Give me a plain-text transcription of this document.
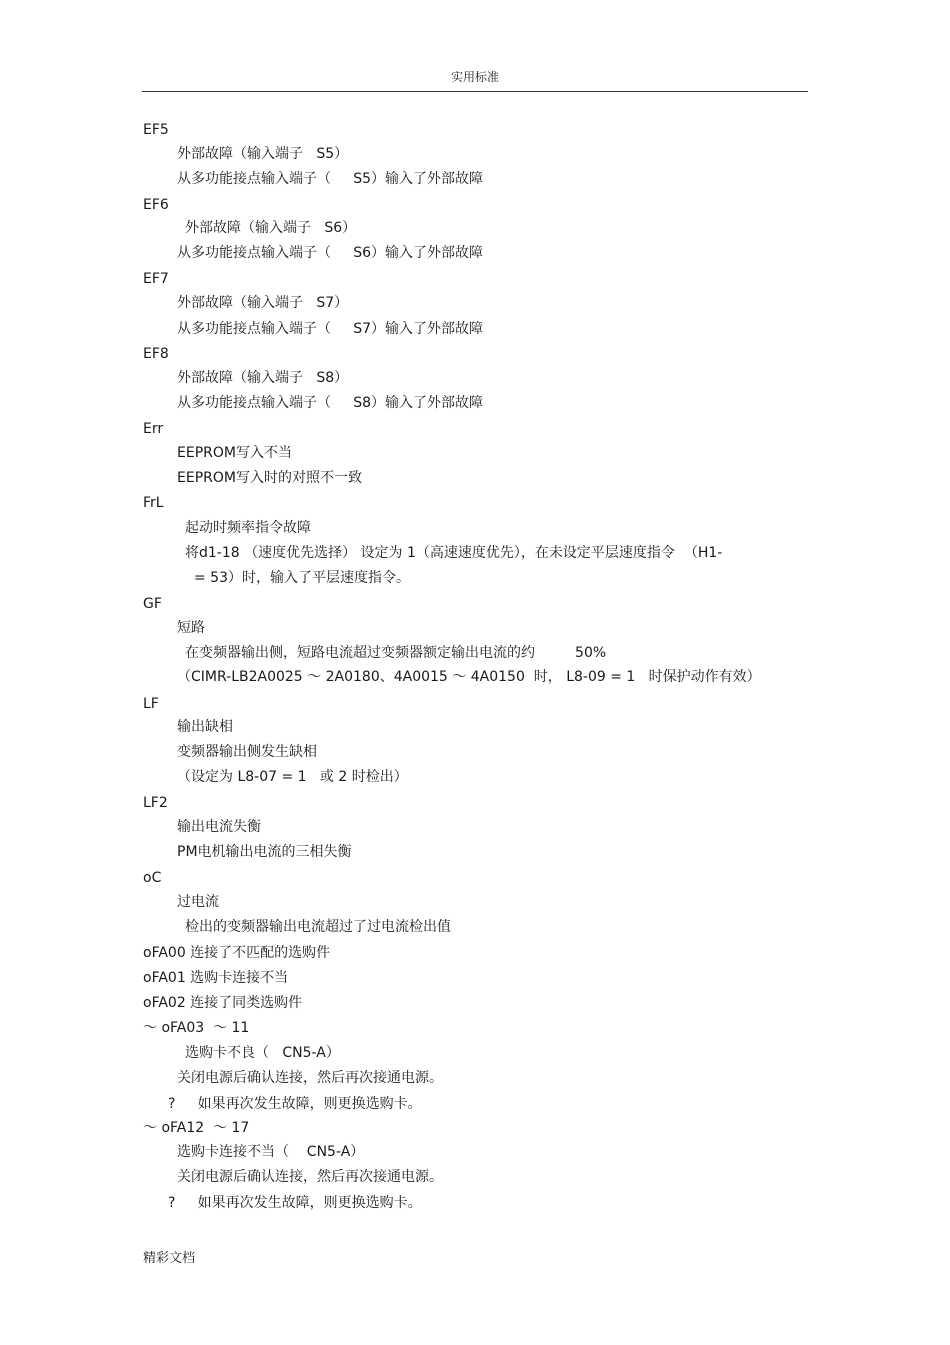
实用标准
EF5
外部故障（输入端子   S5）
从多功能接点输入端子（     S5）输入了外部故障
EF6
外部故障（输入端子   S6）
从多功能接点输入端子（     S6）输入了外部故障
EF7
外部故障（输入端子   S7）
从多功能接点输入端子（     S7）输入了外部故障
EF8
外部故障（输入端子   S8）
从多功能接点输入端子（     S8）输入了外部故障
Err
EEPROM写入不当
EEPROM写入时的对照不一致
FrL
起动时频率指令故障
将d1-18 （速度优先选择） 设定为 1（高速速度优先），在未设定平层速度指令  （H1-
= 53）时，输入了平层速度指令。
GF
短路
在变频器输出侧，短路电流超过变频器额定输出电流的约         50%
（CIMR-LB2A0025 ～ 2A0180、4A0015 ～ 4A0150  时， L8-09 = 1   时保护动作有效）
LF
输出缺相
变频器输出侧发生缺相
（设定为 L8-07 = 1   或 2 时检出）
LF2
输出电流失衡
PM电机输出电流的三相失衡
oC
过电流
检出的变频器输出电流超过了过电流检出值
oFA00 连接了不匹配的选购件
oFA01 选购卡连接不当
oFA02 连接了同类选购件
～ oFA03  ～ 11
选购卡不良（   CN5-A）
关闭电源后确认连接，然后再次接通电源。
?     如果再次发生故障，则更换选购卡。
～ oFA12  ～ 17
选购卡连接不当（    CN5-A）
关闭电源后确认连接，然后再次接通电源。
?     如果再次发生故障，则更换选购卡。
精彩文档
